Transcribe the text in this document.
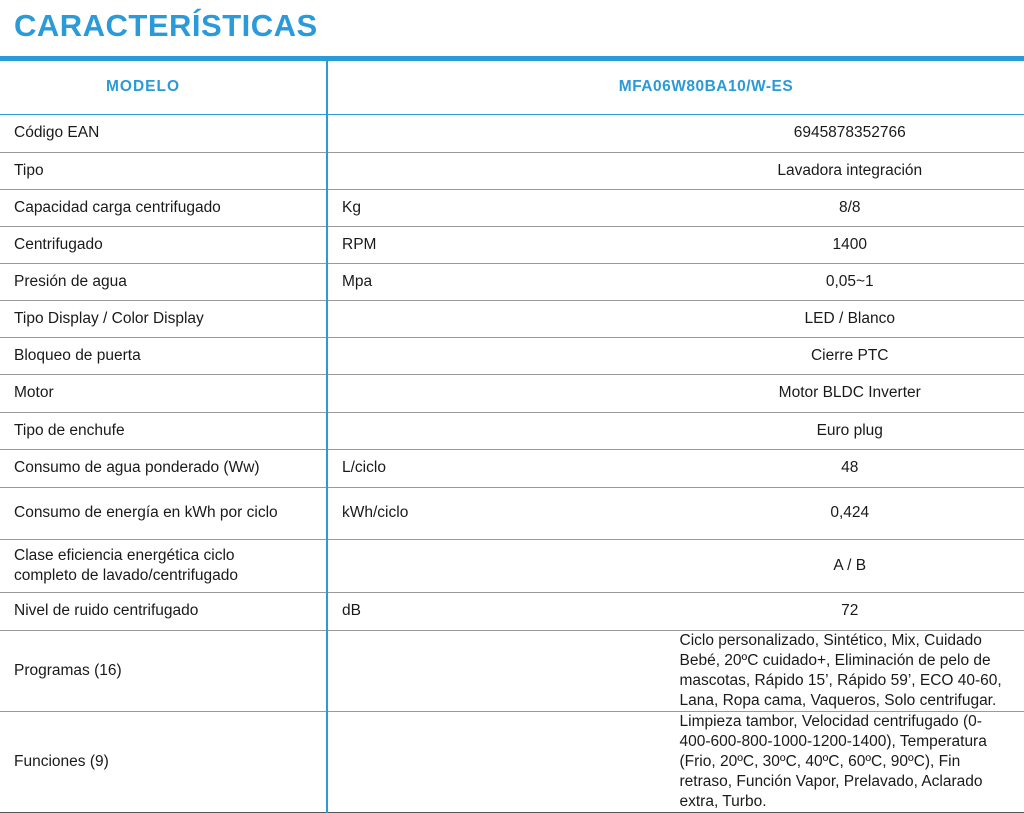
CARACTERÍSTICAS
MODELO	MFA06W80BA10/W-ES	
Código EAN		6945878352766
Tipo		Lavadora integración
Capacidad carga centrifugado	Kg	8/8
Centrifugado	RPM	1400
Presión de agua	Mpa	0,05~1
Tipo Display / Color Display		LED / Blanco
Bloqueo de puerta		Cierre PTC
Motor		Motor BLDC Inverter
Tipo de enchufe		Euro plug
Consumo de agua ponderado (Ww)	L/ciclo	48
Consumo de energía en kWh por ciclo	kWh/ciclo	0,424
Clase eficiencia energética ciclo completo de lavado/centrifugado		A / B
Nivel de ruido centrifugado	dB	72
Programas (16)		Ciclo personalizado, Sintético, Mix, Cuidado Bebé, 20ºC cuidado+, Eliminación de pelo de mascotas, Rápido 15’, Rápido 59’, ECO 40-60, Lana, Ropa cama, Vaqueros, Solo centrifugar.
Funciones (9)		Limpieza tambor, Velocidad centrifugado (0-400-600-800-1000-1200-1400), Temperatura (Frio, 20ºC, 30ºC, 40ºC, 60ºC, 90ºC), Fin retraso, Función Vapor, Prelavado, Aclarado extra, Turbo.
